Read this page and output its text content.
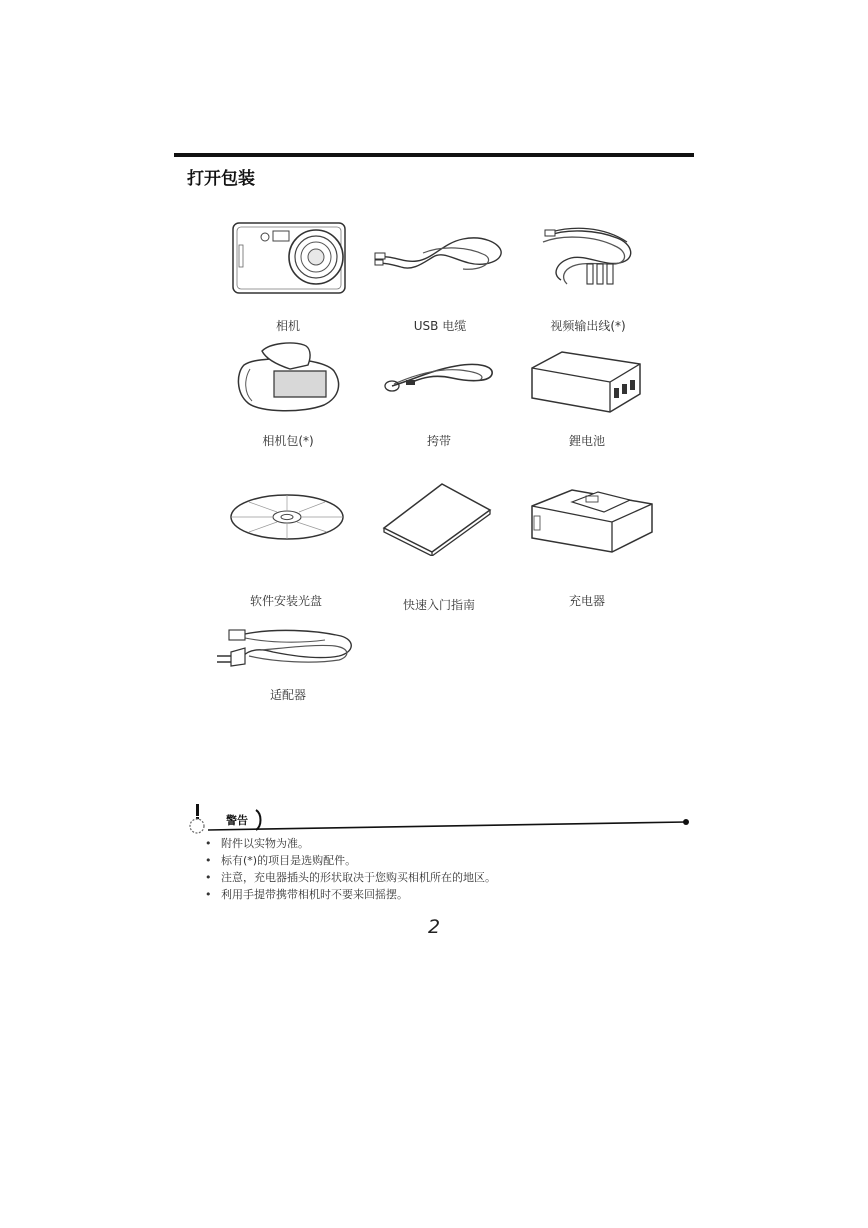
打开包装
相机	USB 电缆	视频输出线(*)
相机包(*)	挎带	鋰电池
软件安装光盘	快速入门指南	充电器
适配器
警告
• 附件以实物为准。
• 标有(*)的项目是选购配件。
• 注意，充电器插头的形状取决于您购买相机所在的地区。
• 利用手提带携带相机时不要来回摇摆。
2
